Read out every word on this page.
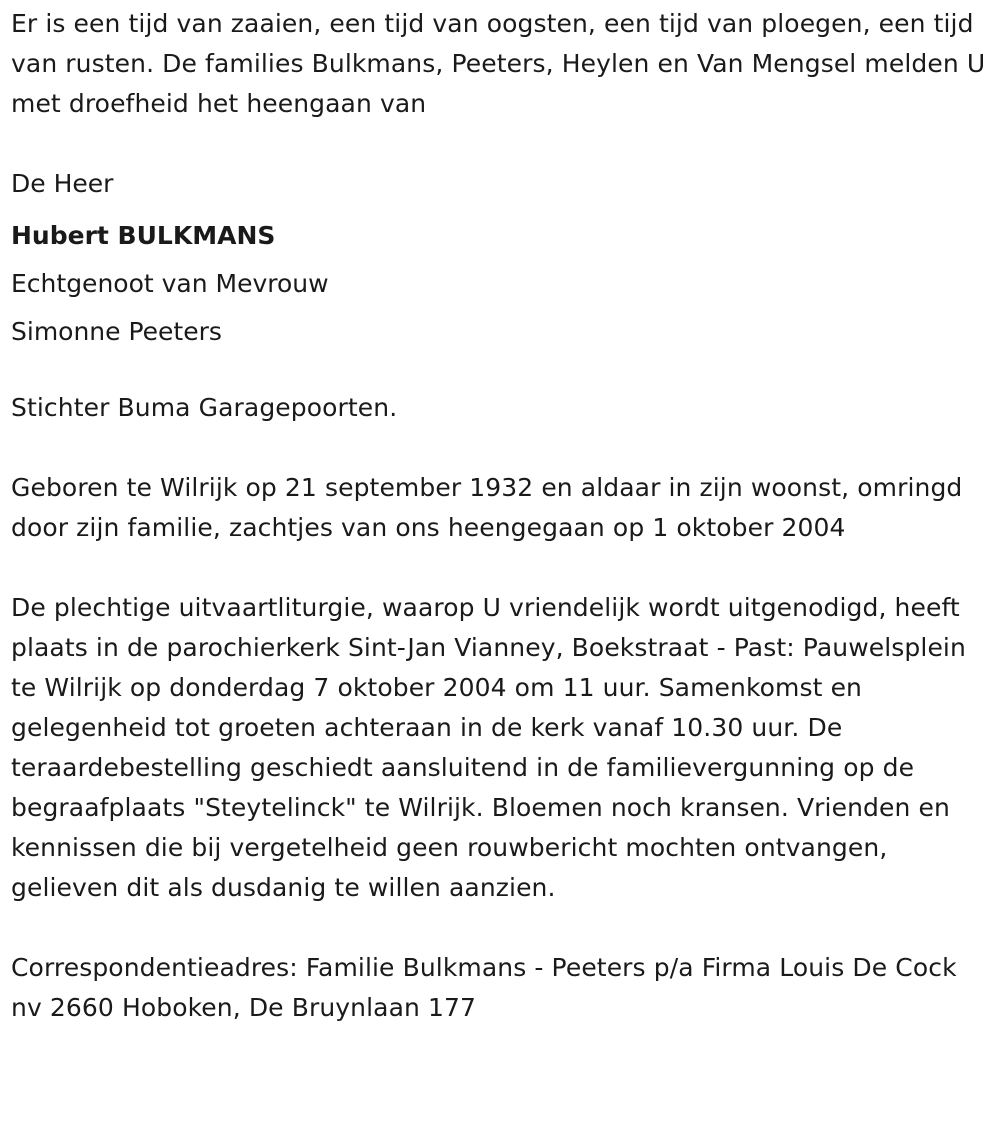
Er is een tijd van zaaien, een tijd van oogsten, een tijd van ploegen, een tijd van rusten. De families Bulkmans, Peeters, Heylen en Van Mengsel melden U met droefheid het heengaan van

De Heer

Hubert BULKMANS

Echtgenoot van Mevrouw

Simonne Peeters

Stichter Buma Garagepoorten.

Geboren te Wilrijk op 21 september 1932 en aldaar in zijn woonst, omringd door zijn familie, zachtjes van ons heengegaan op 1 oktober 2004

De plechtige uitvaartliturgie, waarop U vriendelijk wordt uitgenodigd, heeft plaats in de parochierkerk Sint-Jan Vianney, Boekstraat - Past: Pauwelsplein te Wilrijk op donderdag 7 oktober 2004 om 11 uur. Samenkomst en gelegenheid tot groeten achteraan in de kerk vanaf 10.30 uur. De teraardebestelling geschiedt aansluitend in de familievergunning op de begraafplaats "Steytelinck" te Wilrijk. Bloemen noch kransen. Vrienden en kennissen die bij vergetelheid geen rouwbericht mochten ontvangen, gelieven dit als dusdanig te willen aanzien.

Correspondentieadres: Familie Bulkmans - Peeters p/a Firma Louis De Cock nv 2660 Hoboken, De Bruynlaan 177
